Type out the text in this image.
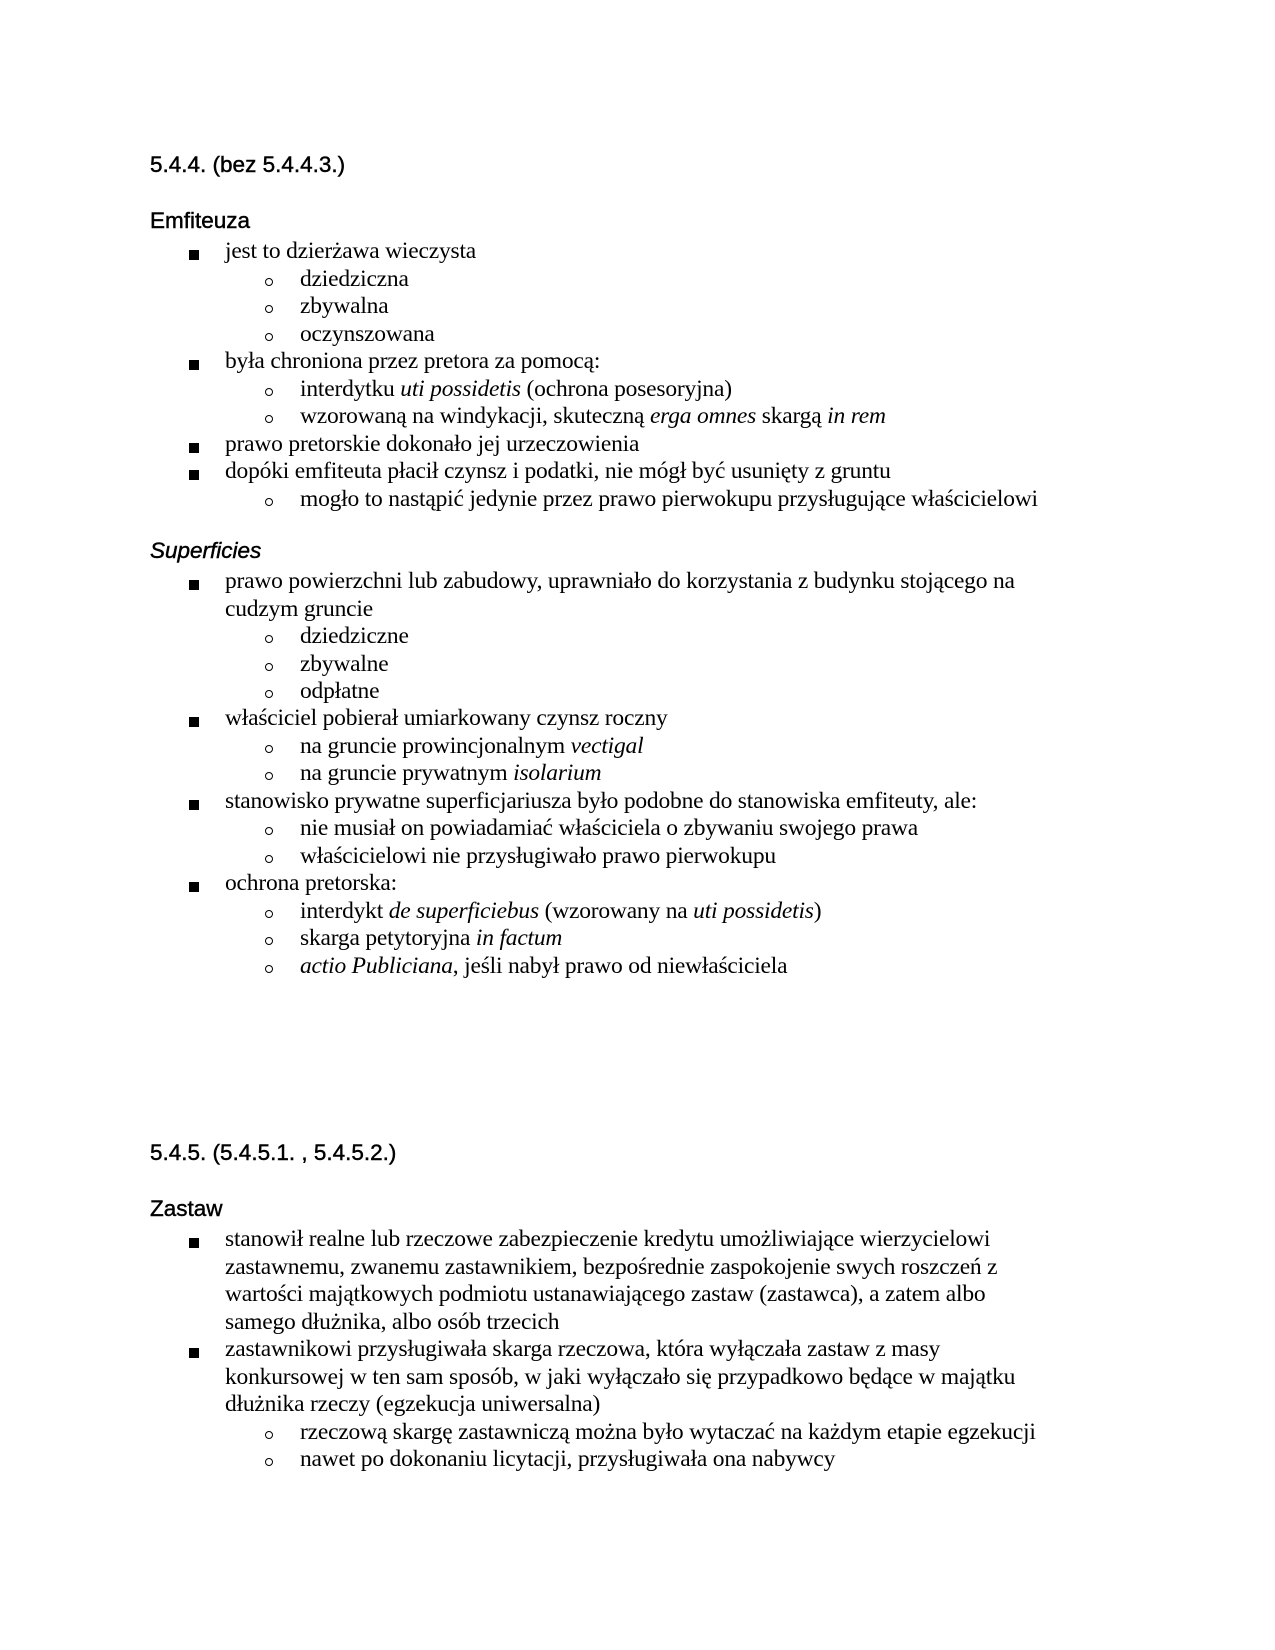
5.4.4. (bez 5.4.4.3.)
Emfiteuza
jest to dzierżawa wieczysta
dziedziczna
zbywalna
oczynszowana
była chroniona przez pretora za pomocą:
interdytku uti possidetis (ochrona posesoryjna)
wzorowaną na windykacji, skuteczną erga omnes skargą in rem
prawo pretorskie dokonało jej urzeczowienia
dopóki emfiteuta płacił czynsz i podatki, nie mógł być usunięty z gruntu
mogło to nastąpić jedynie przez prawo pierwokupu przysługujące właścicielowi
Superficies
prawo powierzchni lub zabudowy, uprawniało do korzystania z budynku stojącego na
cudzym gruncie
dziedziczne
zbywalne
odpłatne
właściciel pobierał umiarkowany czynsz roczny
na gruncie prowincjonalnym vectigal
na gruncie prywatnym isolarium
stanowisko prywatne superficjariusza było podobne do stanowiska emfiteuty, ale:
nie musiał on powiadamiać właściciela o zbywaniu swojego prawa
właścicielowi nie przysługiwało prawo pierwokupu
ochrona pretorska:
interdykt de superficiebus (wzorowany na uti possidetis)
skarga petytoryjna in factum
actio Publiciana, jeśli nabył prawo od niewłaściciela
5.4.5. (5.4.5.1. , 5.4.5.2.)
Zastaw
stanowił realne lub rzeczowe zabezpieczenie kredytu umożliwiające wierzycielowi
zastawnemu, zwanemu zastawnikiem, bezpośrednie zaspokojenie swych roszczeń z
wartości majątkowych podmiotu ustanawiającego zastaw (zastawca), a zatem albo
samego dłużnika, albo osób trzecich
zastawnikowi przysługiwała skarga rzeczowa, która wyłączała zastaw z masy
konkursowej w ten sam sposób, w jaki wyłączało się przypadkowo będące w majątku
dłużnika rzeczy (egzekucja uniwersalna)
rzeczową skargę zastawniczą można było wytaczać na każdym etapie egzekucji
nawet po dokonaniu licytacji, przysługiwała ona nabywcy
